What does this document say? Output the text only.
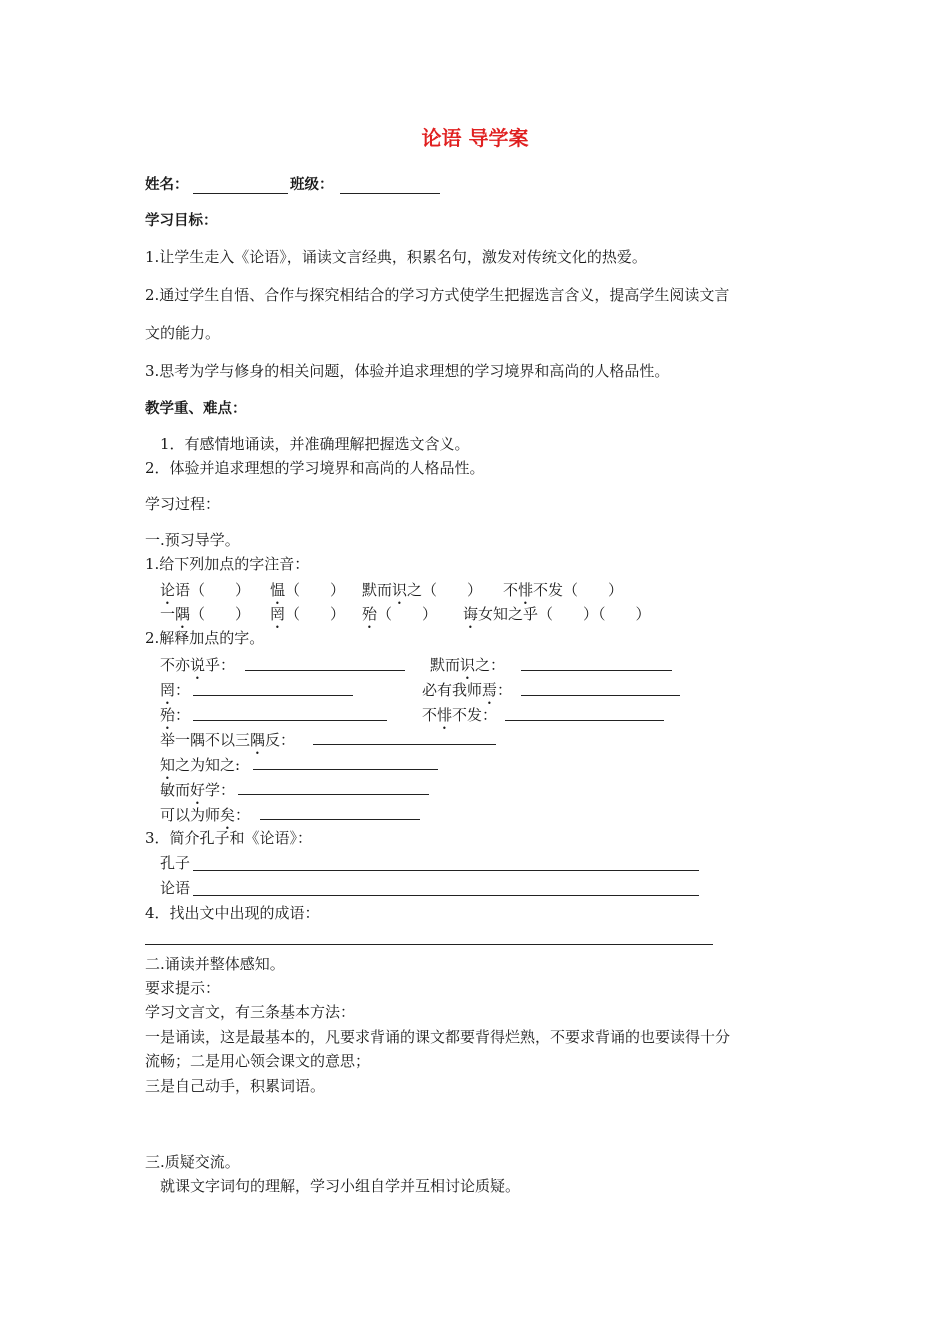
论语 导学案
姓名：	班级：
学习目标：
1.让学生走入《论语》，诵读文言经典，积累名句，激发对传统文化的热爱。
2.通过学生自悟、合作与探究相结合的学习方式使学生把握选言含义，提高学生阅读文言
文的能力。
3.思考为学与修身的相关问题，体验并追求理想的学习境界和高尚的人格品性。
教学重、难点：
1．有感情地诵读，并准确理解把握选文含义。
2．体验并追求理想的学习境界和高尚的人格品性。
学习过程：
一.预习导学。
1.给下列加点的字注音：
论语（　　） 愠（　　） 默而识之（　　） 不悱不发（　　）
一隅（　　） 罔（　　） 殆（　　） 诲女知之乎（　　）（　　）
2.解释加点的字。
不亦说乎：	默而识之：
罔：	必有我师焉：
殆：	不悱不发：
举一隅不以三隅反：
知之为知之:
敏而好学：
可以为师矣：
3．简介孔子和《论语》：
孔子
论语
4．找出文中出现的成语：
二.诵读并整体感知。
要求提示：
学习文言文，有三条基本方法：
一是诵读，这是最基本的，凡要求背诵的课文都要背得烂熟，不要求背诵的也要读得十分
流畅；二是用心领会课文的意思；
三是自己动手，积累词语。
三.质疑交流。
就课文字词句的理解，学习小组自学并互相讨论质疑。
